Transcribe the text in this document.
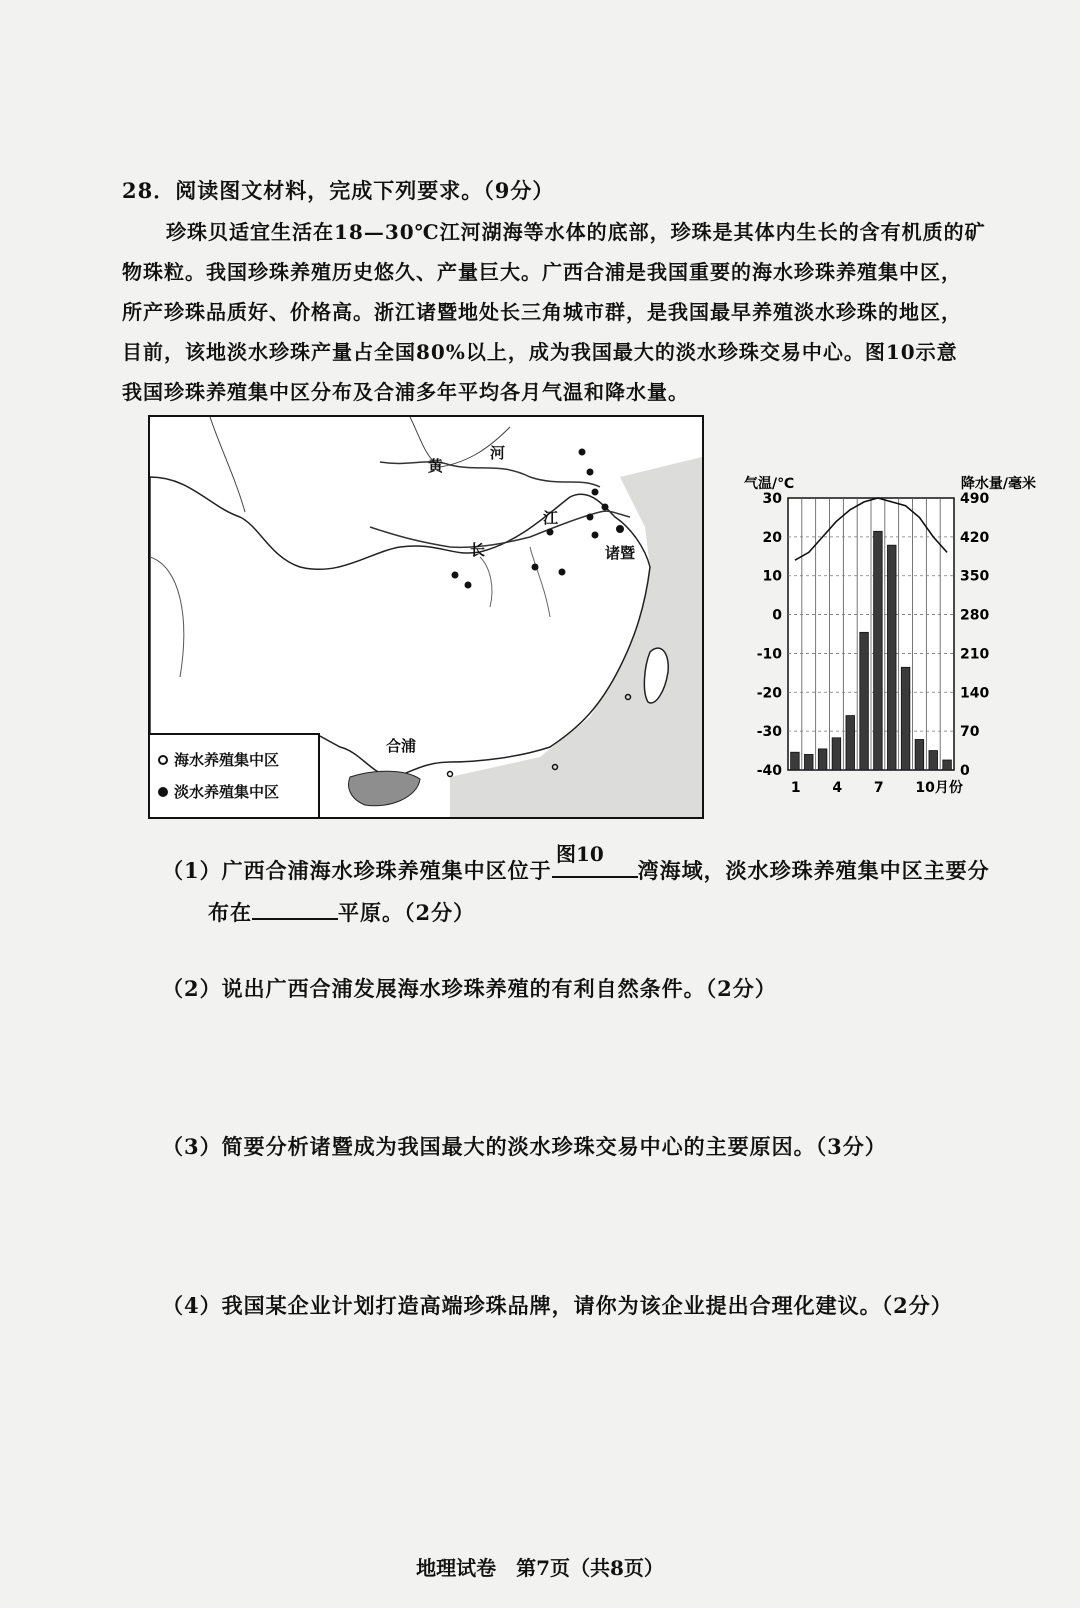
28．阅读图文材料，完成下列要求。（9分）
珍珠贝适宜生活在18—30℃江河湖海等水体的底部，珍珠是其体内生长的含有机质的矿
物珠粒。我国珍珠养殖历史悠久、产量巨大。广西合浦是我国重要的海水珍珠养殖集中区，
所产珍珠品质好、价格高。浙江诸暨地处长三角城市群，是我国最早养殖淡水珍珠的地区，
目前，该地淡水珍珠产量占全国80%以上，成为我国最大的淡水珍珠交易中心。图10示意
我国珍珠养殖集中区分布及合浦多年平均各月气温和降水量。
黄
河
江
长	诸暨
合浦
海水养殖集中区
淡水养殖集中区
气温/℃	降水量/毫米
30
20
10
0
-10
-20
-30
-40
490
420
350
280
210
140
70
0
1 4 7 10月份
图10
（1）广西合浦海水珍珠养殖集中区位于	湾海域，淡水珍珠养殖集中区主要分
布在	平原。（2分）
（2）说出广西合浦发展海水珍珠养殖的有利自然条件。（2分）
（3）简要分析诸暨成为我国最大的淡水珍珠交易中心的主要原因。（3分）
（4）我国某企业计划打造高端珍珠品牌，请你为该企业提出合理化建议。（2分）
地理试卷　第7页（共8页）
